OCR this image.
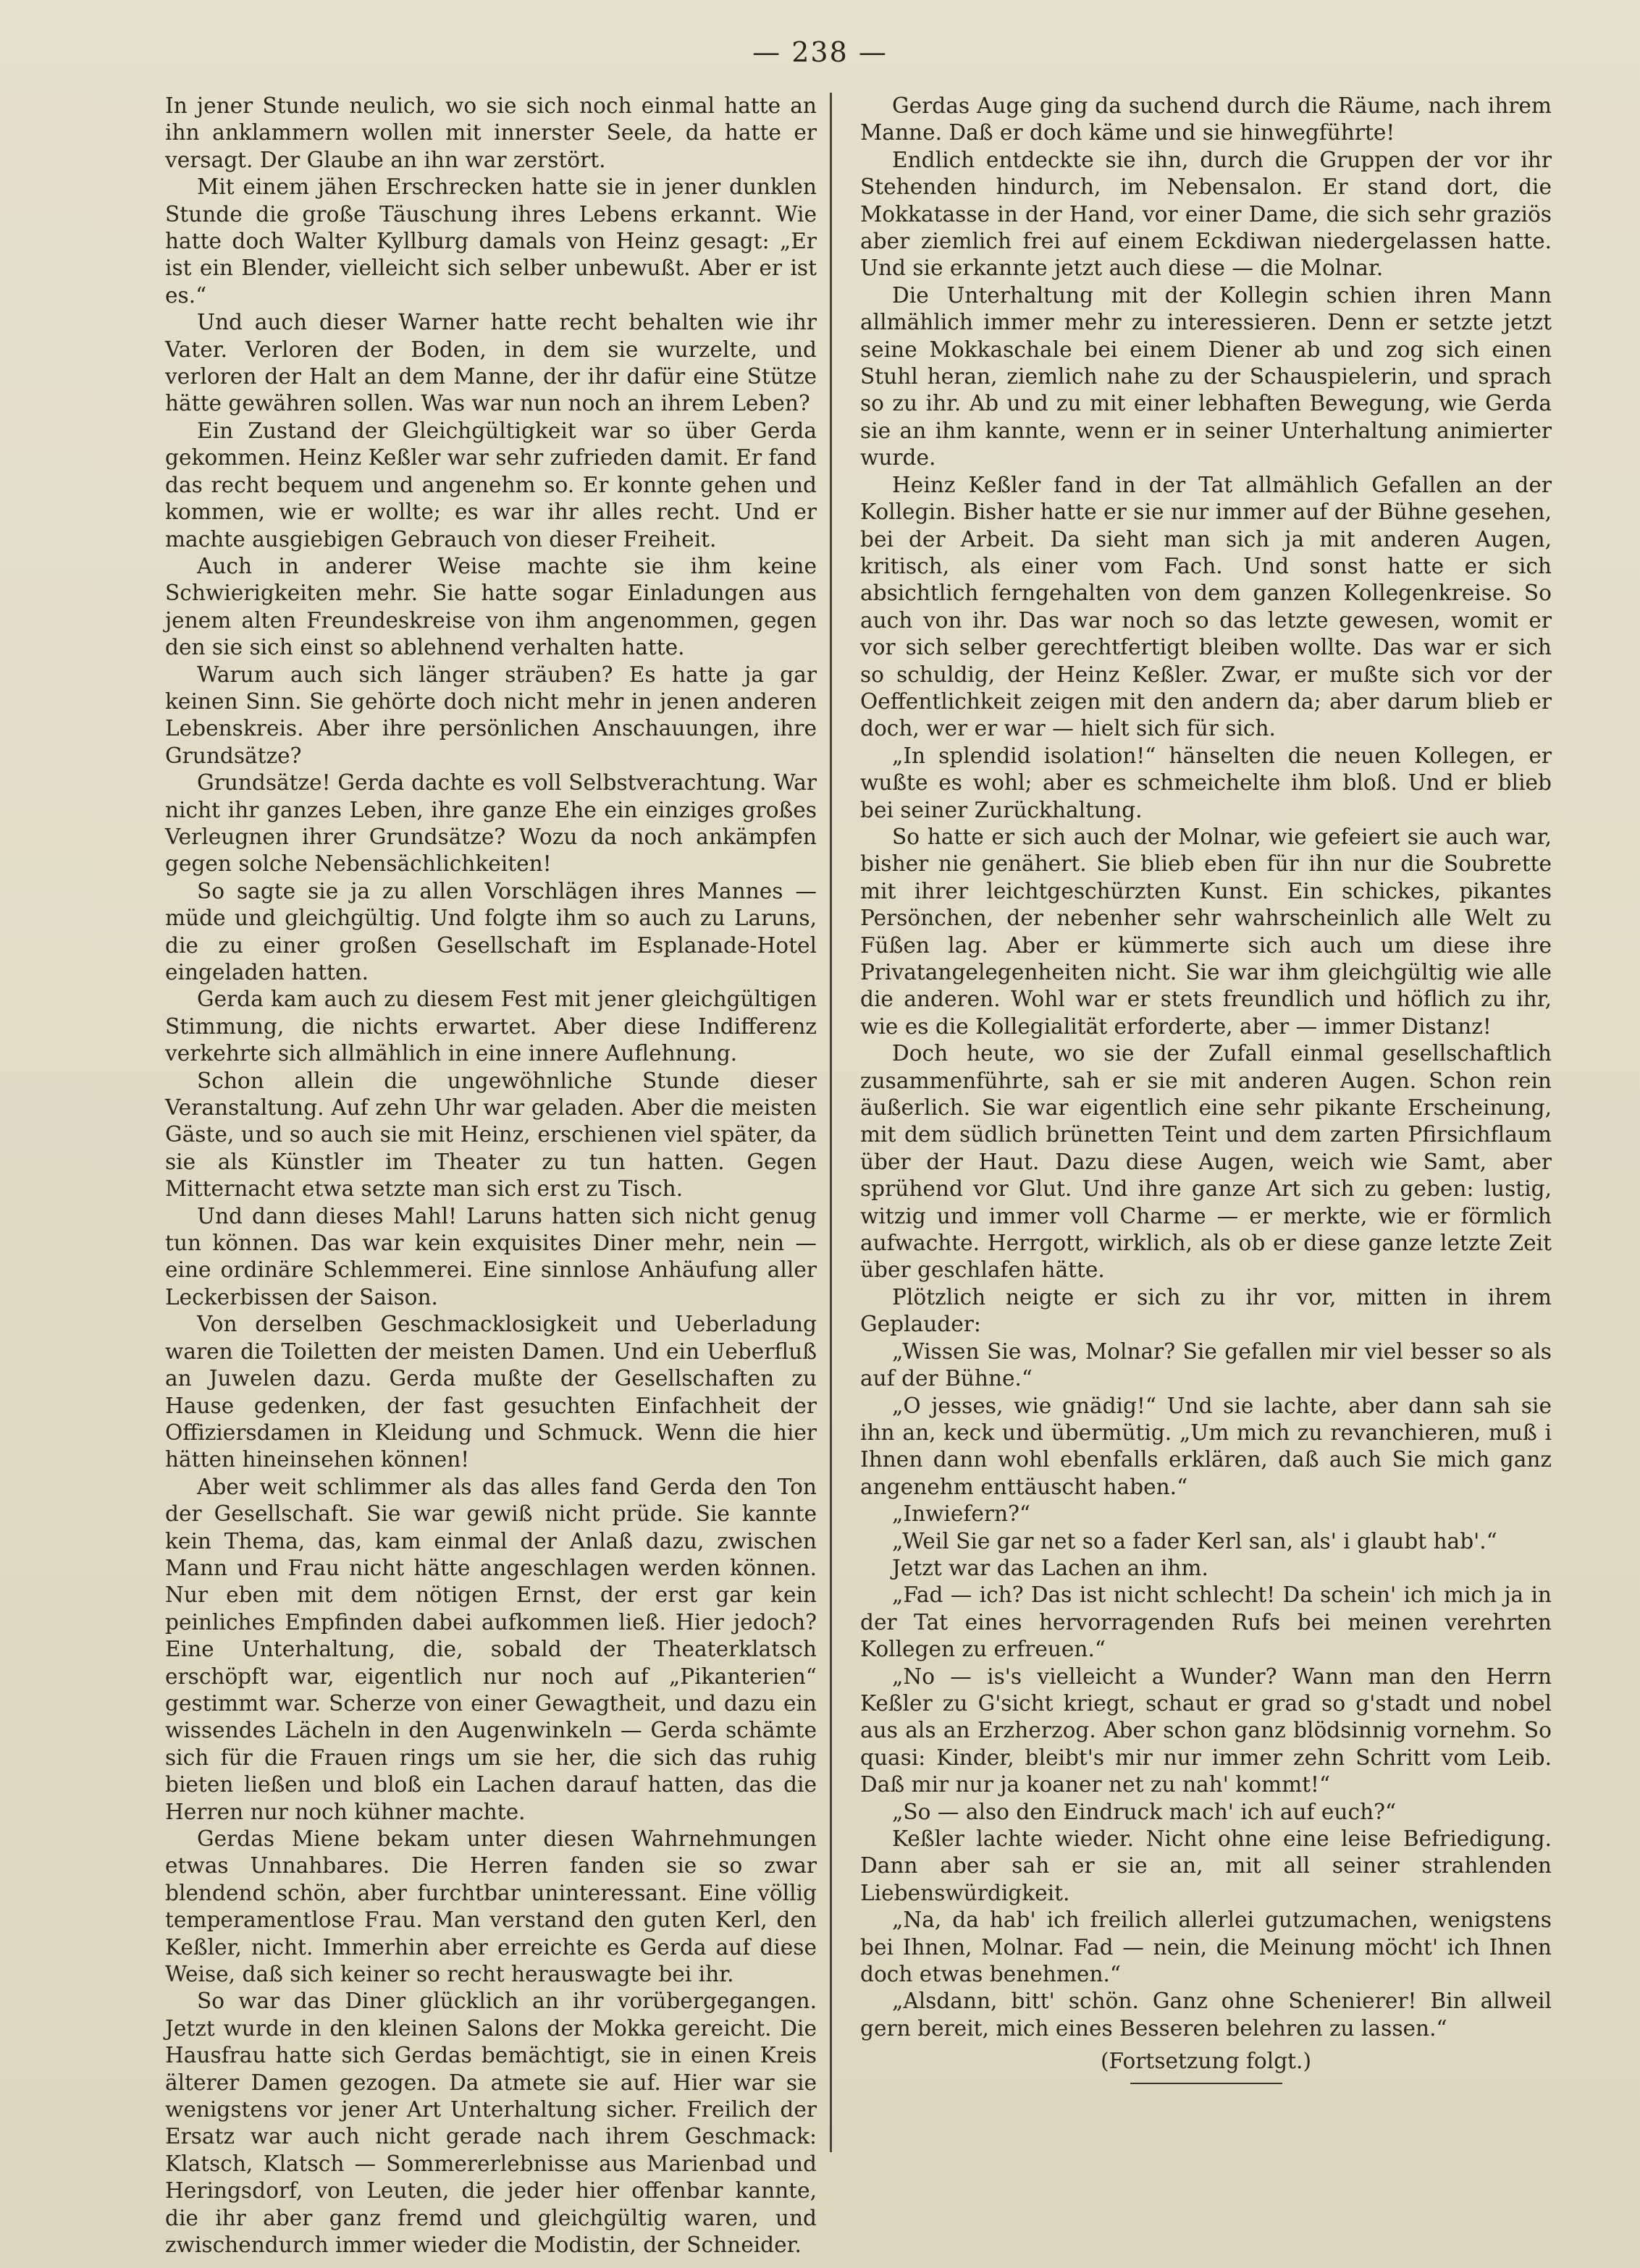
— 238 —

In jener Stunde neulich, wo sie sich noch einmal hatte an ihn anklammern wollen mit innerster Seele, da hatte er versagt. Der Glaube an ihn war zerstört.

Mit einem jähen Erschrecken hatte sie in jener dunklen Stunde die große Täuschung ihres Lebens erkannt. Wie hatte doch Walter Kyllburg damals von Heinz gesagt: „Er ist ein Blender, vielleicht sich selber unbewußt. Aber er ist es.“

Und auch dieser Warner hatte recht behalten wie ihr Vater. Verloren der Boden, in dem sie wurzelte, und verloren der Halt an dem Manne, der ihr dafür eine Stütze hätte gewähren sollen. Was war nun noch an ihrem Leben?

Ein Zustand der Gleichgültigkeit war so über Gerda gekommen. Heinz Keßler war sehr zufrieden damit. Er fand das recht bequem und angenehm so. Er konnte gehen und kommen, wie er wollte; es war ihr alles recht. Und er machte ausgiebigen Gebrauch von dieser Freiheit.

Auch in anderer Weise machte sie ihm keine Schwierigkeiten mehr. Sie hatte sogar Einladungen aus jenem alten Freundeskreise von ihm angenommen, gegen den sie sich einst so ablehnend verhalten hatte.

Warum auch sich länger sträuben? Es hatte ja gar keinen Sinn. Sie gehörte doch nicht mehr in jenen anderen Lebenskreis. Aber ihre persönlichen Anschauungen, ihre Grundsätze?

Grundsätze! Gerda dachte es voll Selbstverachtung. War nicht ihr ganzes Leben, ihre ganze Ehe ein einziges großes Verleugnen ihrer Grundsätze? Wozu da noch ankämpfen gegen solche Nebensächlichkeiten!

So sagte sie ja zu allen Vorschlägen ihres Mannes — müde und gleichgültig. Und folgte ihm so auch zu Laruns, die zu einer großen Gesellschaft im Esplanade-Hotel eingeladen hatten.

Gerda kam auch zu diesem Fest mit jener gleichgültigen Stimmung, die nichts erwartet. Aber diese Indifferenz verkehrte sich allmählich in eine innere Auflehnung.

Schon allein die ungewöhnliche Stunde dieser Veranstaltung. Auf zehn Uhr war geladen. Aber die meisten Gäste, und so auch sie mit Heinz, erschienen viel später, da sie als Künstler im Theater zu tun hatten. Gegen Mitternacht etwa setzte man sich erst zu Tisch.

Und dann dieses Mahl! Laruns hatten sich nicht genug tun können. Das war kein exquisites Diner mehr, nein — eine ordinäre Schlemmerei. Eine sinnlose Anhäufung aller Leckerbissen der Saison.

Von derselben Geschmacklosigkeit und Ueberladung waren die Toiletten der meisten Damen. Und ein Ueberfluß an Juwelen dazu. Gerda mußte der Gesellschaften zu Hause gedenken, der fast gesuchten Einfachheit der Offiziersdamen in Kleidung und Schmuck. Wenn die hier hätten hineinsehen können!

Aber weit schlimmer als das alles fand Gerda den Ton der Gesellschaft. Sie war gewiß nicht prüde. Sie kannte kein Thema, das, kam einmal der Anlaß dazu, zwischen Mann und Frau nicht hätte angeschlagen werden können. Nur eben mit dem nötigen Ernst, der erst gar kein peinliches Empfinden dabei aufkommen ließ. Hier jedoch? Eine Unterhaltung, die, sobald der Theaterklatsch erschöpft war, eigentlich nur noch auf „Pikanterien“ gestimmt war. Scherze von einer Gewagtheit, und dazu ein wissendes Lächeln in den Augenwinkeln — Gerda schämte sich für die Frauen rings um sie her, die sich das ruhig bieten ließen und bloß ein Lachen darauf hatten, das die Herren nur noch kühner machte.

Gerdas Miene bekam unter diesen Wahrnehmungen etwas Unnahbares. Die Herren fanden sie so zwar blendend schön, aber furchtbar uninteressant. Eine völlig temperamentlose Frau. Man verstand den guten Kerl, den Keßler, nicht. Immerhin aber erreichte es Gerda auf diese Weise, daß sich keiner so recht herauswagte bei ihr.

So war das Diner glücklich an ihr vorübergegangen. Jetzt wurde in den kleinen Salons der Mokka gereicht. Die Hausfrau hatte sich Gerdas bemächtigt, sie in einen Kreis älterer Damen gezogen. Da atmete sie auf. Hier war sie wenigstens vor jener Art Unterhaltung sicher. Freilich der Ersatz war auch nicht gerade nach ihrem Geschmack: Klatsch, Klatsch — Sommererlebnisse aus Marienbad und Heringsdorf, von Leuten, die jeder hier offenbar kannte, die ihr aber ganz fremd und gleichgültig waren, und zwischendurch immer wieder die Modistin, der Schneider.

Gerdas Auge ging da suchend durch die Räume, nach ihrem Manne. Daß er doch käme und sie hinwegführte!

Endlich entdeckte sie ihn, durch die Gruppen der vor ihr Stehenden hindurch, im Nebensalon. Er stand dort, die Mokkatasse in der Hand, vor einer Dame, die sich sehr graziös aber ziemlich frei auf einem Eckdiwan niedergelassen hatte. Und sie erkannte jetzt auch diese — die Molnar.

Die Unterhaltung mit der Kollegin schien ihren Mann allmählich immer mehr zu interessieren. Denn er setzte jetzt seine Mokkaschale bei einem Diener ab und zog sich einen Stuhl heran, ziemlich nahe zu der Schauspielerin, und sprach so zu ihr. Ab und zu mit einer lebhaften Bewegung, wie Gerda sie an ihm kannte, wenn er in seiner Unterhaltung animierter wurde.

Heinz Keßler fand in der Tat allmählich Gefallen an der Kollegin. Bisher hatte er sie nur immer auf der Bühne gesehen, bei der Arbeit. Da sieht man sich ja mit anderen Augen, kritisch, als einer vom Fach. Und sonst hatte er sich absichtlich ferngehalten von dem ganzen Kollegenkreise. So auch von ihr. Das war noch so das letzte gewesen, womit er vor sich selber gerechtfertigt bleiben wollte. Das war er sich so schuldig, der Heinz Keßler. Zwar, er mußte sich vor der Oeffentlichkeit zeigen mit den andern da; aber darum blieb er doch, wer er war — hielt sich für sich.

„In splendid isolation!“ hänselten die neuen Kollegen, er wußte es wohl; aber es schmeichelte ihm bloß. Und er blieb bei seiner Zurückhaltung.

So hatte er sich auch der Molnar, wie gefeiert sie auch war, bisher nie genähert. Sie blieb eben für ihn nur die Soubrette mit ihrer leichtgeschürzten Kunst. Ein schickes, pikantes Persönchen, der nebenher sehr wahrscheinlich alle Welt zu Füßen lag. Aber er kümmerte sich auch um diese ihre Privatangelegenheiten nicht. Sie war ihm gleichgültig wie alle die anderen. Wohl war er stets freundlich und höflich zu ihr, wie es die Kollegialität erforderte, aber — immer Distanz!

Doch heute, wo sie der Zufall einmal gesellschaftlich zusammenführte, sah er sie mit anderen Augen. Schon rein äußerlich. Sie war eigentlich eine sehr pikante Erscheinung, mit dem südlich brünetten Teint und dem zarten Pfirsichflaum über der Haut. Dazu diese Augen, weich wie Samt, aber sprühend vor Glut. Und ihre ganze Art sich zu geben: lustig, witzig und immer voll Charme — er merkte, wie er förmlich aufwachte. Herrgott, wirklich, als ob er diese ganze letzte Zeit über geschlafen hätte.

Plötzlich neigte er sich zu ihr vor, mitten in ihrem Geplauder:

„Wissen Sie was, Molnar? Sie gefallen mir viel besser so als auf der Bühne.“

„O jesses, wie gnädig!“ Und sie lachte, aber dann sah sie ihn an, keck und übermütig. „Um mich zu revanchieren, muß i Ihnen dann wohl ebenfalls erklären, daß auch Sie mich ganz angenehm enttäuscht haben.“

„Inwiefern?“

„Weil Sie gar net so a fader Kerl san, als' i glaubt hab'.“

Jetzt war das Lachen an ihm.

„Fad — ich? Das ist nicht schlecht! Da schein' ich mich ja in der Tat eines hervorragenden Rufs bei meinen verehrten Kollegen zu erfreuen.“

„No — is's vielleicht a Wunder? Wann man den Herrn Keßler zu G'sicht kriegt, schaut er grad so g'stadt und nobel aus als an Erzherzog. Aber schon ganz blödsinnig vornehm. So quasi: Kinder, bleibt's mir nur immer zehn Schritt vom Leib. Daß mir nur ja koaner net zu nah' kommt!“

„So — also den Eindruck mach' ich auf euch?“

Keßler lachte wieder. Nicht ohne eine leise Befriedigung. Dann aber sah er sie an, mit all seiner strahlenden Liebenswürdigkeit.

„Na, da hab' ich freilich allerlei gutzumachen, wenigstens bei Ihnen, Molnar. Fad — nein, die Meinung möcht' ich Ihnen doch etwas benehmen.“

„Alsdann, bitt' schön. Ganz ohne Schenierer! Bin allweil gern bereit, mich eines Besseren belehren zu lassen.“

(Fortsetzung folgt.)
